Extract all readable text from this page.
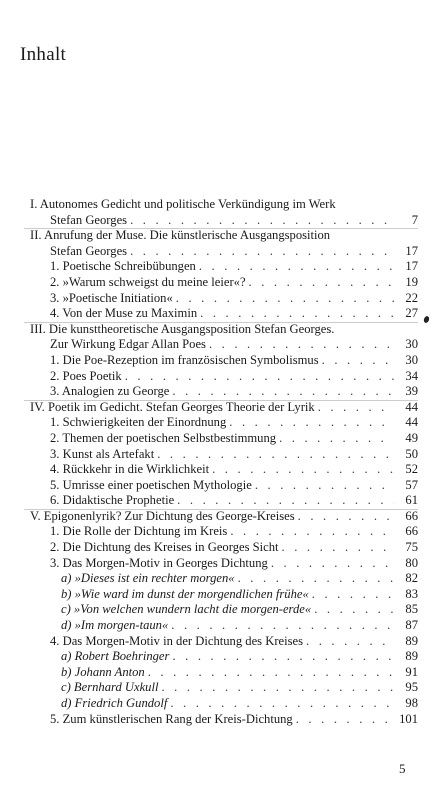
Inhalt
I. Autonomes Gedicht und politische Verkündigung im Werk
Stefan Georges . . .	7
II. Anrufung der Muse. Die künstlerische Ausgangsposition
Stefan Georges . . .	17
1. Poetische Schreibübungen . . .	17
2. »Warum schweigst du meine leier«? . . .	19
3. »Poetische Initiation« . . .	22
4. Von der Muse zu Maximin . . .	27
III. Die kunsttheoretische Ausgangsposition Stefan Georges.
Zur Wirkung Edgar Allan Poes . . .	30
1. Die Poe-Rezeption im französischen Symbolismus . . .	30
2. Poes Poetik . . .	34
3. Analogien zu George . . .	39
IV. Poetik im Gedicht. Stefan Georges Theorie der Lyrik . . .	44
1. Schwierigkeiten der Einordnung . . .	44
2. Themen der poetischen Selbstbestimmung . . .	49
3. Kunst als Artefakt . . .	50
4. Rückkehr in die Wirklichkeit . . .	52
5. Umrisse einer poetischen Mythologie . . .	57
6. Didaktische Prophetie . . .	61
V. Epigonenlyrik? Zur Dichtung des George-Kreises . . .	66
1. Die Rolle der Dichtung im Kreis . . .	66
2. Die Dichtung des Kreises in Georges Sicht . . .	75
3. Das Morgen-Motiv in Georges Dichtung . . .	80
a) »Dieses ist ein rechter morgen« . . .	82
b) »Wie ward im dunst der morgendlichen frühe« . . .	83
c) »Von welchen wundern lacht die morgen-erde« . . .	85
d) »Im morgen-taun« . . .	87
4. Das Morgen-Motiv in der Dichtung des Kreises . . .	89
a) Robert Boehringer . . .	89
b) Johann Anton . . .	91
c) Bernhard Uxkull . . .	95
d) Friedrich Gundolf . . .	98
5. Zum künstlerischen Rang der Kreis-Dichtung . . .	101
5
